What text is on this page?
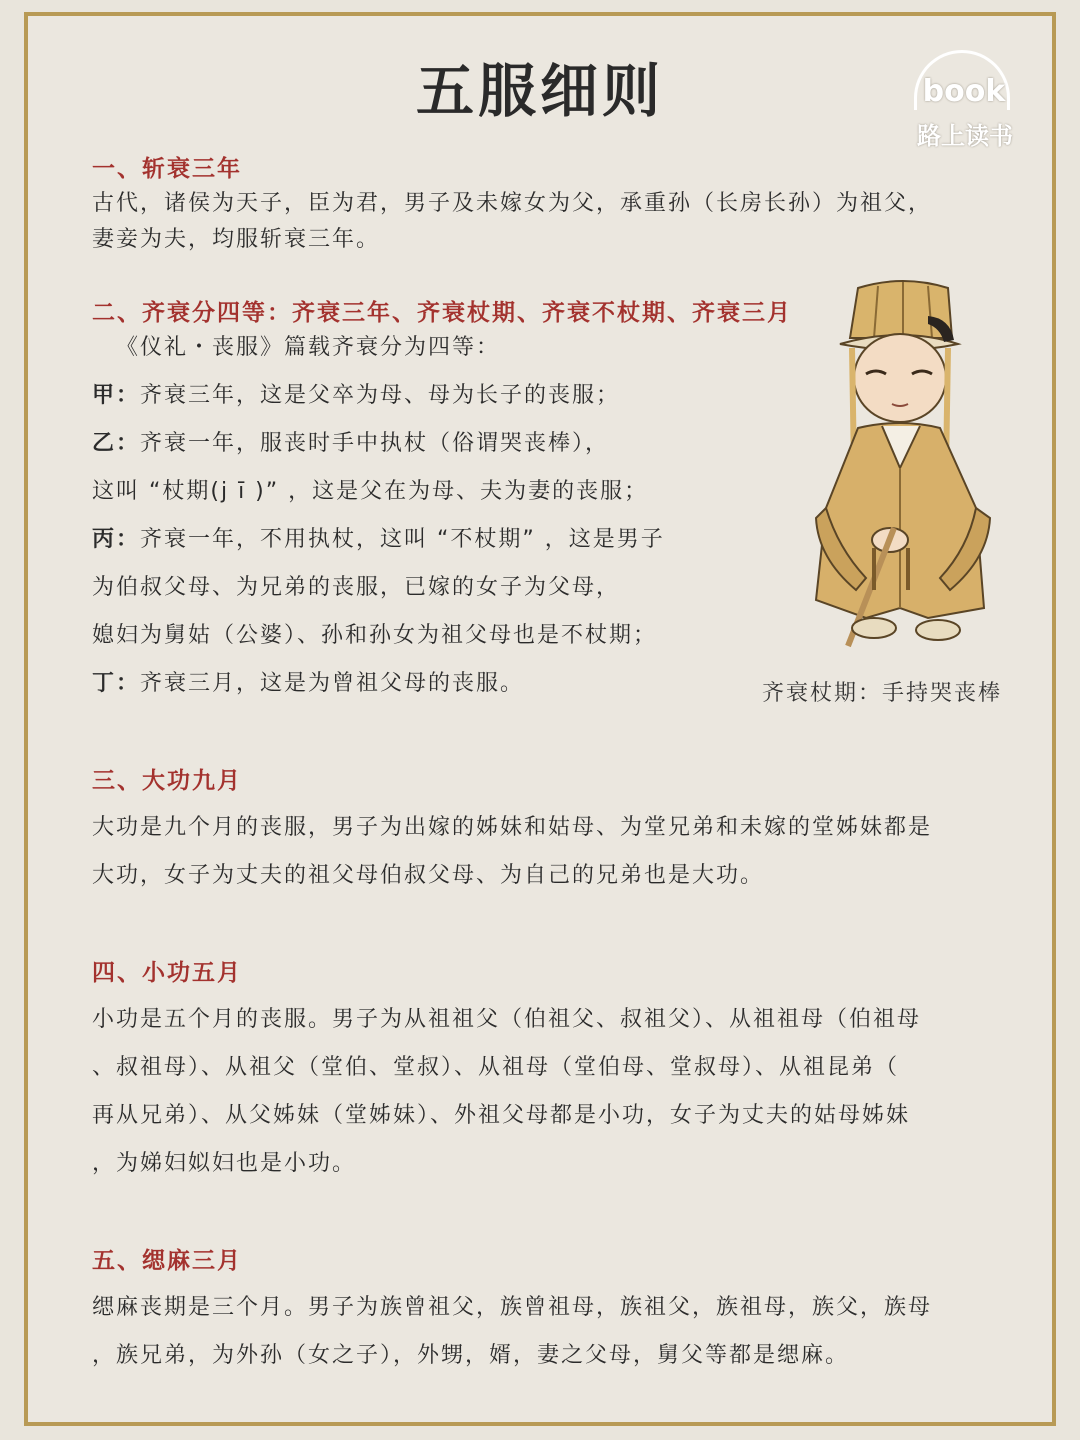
五服细则	book
路上读书
一、斩衰三年

古代，诸侯为天子，臣为君，男子及未嫁女为父，承重孙（长房长孙）为祖父，

妻妾为夫，均服斩衰三年。

二、齐衰分四等：齐衰三年、齐衰杖期、齐衰不杖期、齐衰三月

《仪礼・丧服》篇载齐衰分为四等：

甲：齐衰三年，这是父卒为母、母为长子的丧服；

乙：齐衰一年，服丧时手中执杖（俗谓哭丧棒），

这叫 “杖期(j ī )” ，这是父在为母、夫为妻的丧服；

丙：齐衰一年，不用执杖，这叫 “不杖期” ，这是男子

为伯叔父母、为兄弟的丧服，已嫁的女子为父母，

媳妇为舅姑（公婆）、孙和孙女为祖父母也是不杖期；

丁：齐衰三月，这是为曾祖父母的丧服。	齐衰杖期：手持哭丧棒
三、大功九月

大功是九个月的丧服，男子为出嫁的姊妹和姑母、为堂兄弟和未嫁的堂姊妹都是

大功，女子为丈夫的祖父母伯叔父母、为自己的兄弟也是大功。

四、小功五月

小功是五个月的丧服。男子为从祖祖父（伯祖父、叔祖父）、从祖祖母（伯祖母

、叔祖母）、从祖父（堂伯、堂叔）、从祖母（堂伯母、堂叔母）、从祖昆弟（

再从兄弟）、从父姊妹（堂姊妹）、外祖父母都是小功，女子为丈夫的姑母姊妹

，为娣妇姒妇也是小功。

五、缌麻三月

缌麻丧期是三个月。男子为族曾祖父，族曾祖母，族祖父，族祖母，族父，族母

，族兄弟，为外孙（女之子），外甥，婿，妻之父母，舅父等都是缌麻。
